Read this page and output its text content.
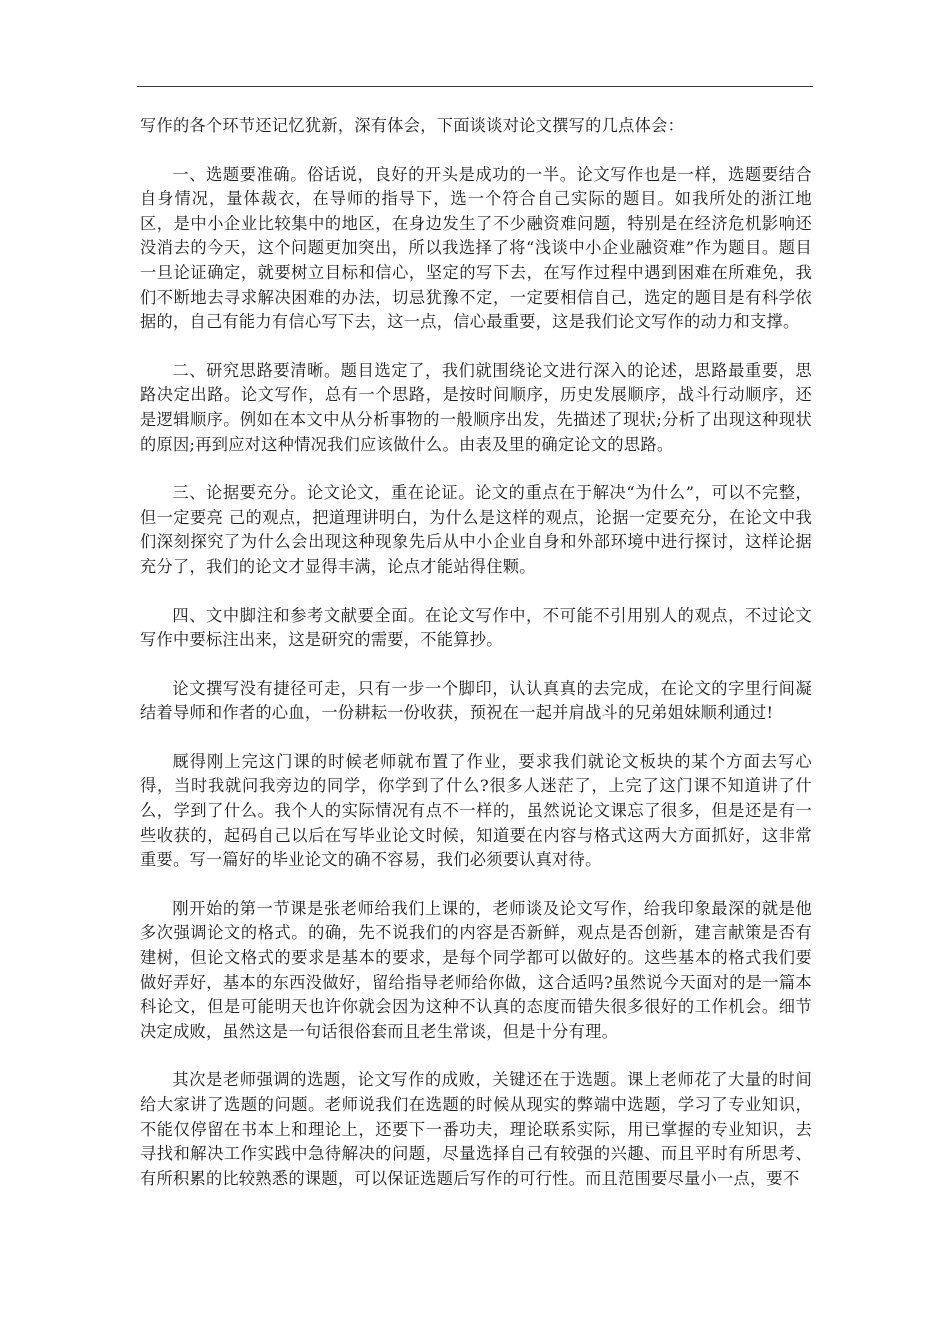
写作的各个环节还记忆犹新，深有体会，下面谈谈对论文撰写的几点体会：

一、选题要准确。俗话说，良好的开头是成功的一半。论文写作也是一样，选题要结合自身情况，量体裁衣，在导师的指导下，选一个符合自己实际的题目。如我所处的浙江地区，是中小企业比较集中的地区，在身边发生了不少融资难问题，特别是在经济危机影响还没消去的今天，这个问题更加突出，所以我选择了将“浅谈中小企业融资难”作为题目。题目一旦论证确定，就要树立目标和信心，坚定的写下去，在写作过程中遇到困难在所难免，我们不断地去寻求解决困难的办法，切忌犹豫不定，一定要相信自己，选定的题目是有科学依据的，自己有能力有信心写下去，这一点，信心最重要，这是我们论文写作的动力和支撑。

二、研究思路要清晰。题目选定了，我们就围绕论文进行深入的论述，思路最重要，思路决定出路。论文写作，总有一个思路，是按时间顺序，历史发展顺序，战斗行动顺序，还是逻辑顺序。例如在本文中从分析事物的一般顺序出发，先描述了现状;分析了出现这种现状的原因;再到应对这种情况我们应该做什么。由表及里的确定论文的思路。

三、论据要充分。论文论文，重在论证。论文的重点在于解决“为什么”，可以不完整，但一定要亮 己的观点，把道理讲明白，为什么是这样的观点，论据一定要充分，在论文中我们深刻探究了为什么会出现这种现象先后从中小企业自身和外部环境中进行探讨，这样论据充分了，我们的论文才显得丰满，论点才能站得住颗。

四、文中脚注和参考文献要全面。在论文写作中，不可能不引用别人的观点，不过论文写作中要标注出来，这是研究的需要，不能算抄。

论文撰写没有捷径可走，只有一步一个脚印，认认真真的去完成，在论文的字里行间凝结着导师和作者的心血，一份耕耘一份收获，预祝在一起并肩战斗的兄弟姐妹顺利通过!

厩得刚上完这门课的时候老师就布置了作业，要求我们就论文板块的某个方面去写心得，当时我就问我旁边的同学，你学到了什么?很多人迷茫了，上完了这门课不知道讲了什么，学到了什么。我个人的实际情况有点不一样的，虽然说论文课忘了很多，但是还是有一些收获的，起码自己以后在写毕业论文时候，知道要在内容与格式这两大方面抓好，这非常重要。写一篇好的毕业论文的确不容易，我们必须要认真对待。

刚开始的第一节课是张老师给我们上课的，老师谈及论文写作，给我印象最深的就是他多次强调论文的格式。的确，先不说我们的内容是否新鲜，观点是否创新，建言献策是否有建树，但论文格式的要求是基本的要求，是每个同学都可以做好的。这些基本的格式我们要做好弄好，基本的东西没做好，留给指导老师给你做，这合适吗?虽然说今天面对的是一篇本科论文，但是可能明天也许你就会因为这种不认真的态度而错失很多很好的工作机会。细节决定成败，虽然这是一句话很俗套而且老生常谈，但是十分有理。

其次是老师强调的选题，论文写作的成败，关键还在于选题。课上老师花了大量的时间给大家讲了选题的问题。老师说我们在选题的时候从现实的弊端中选题，学习了专业知识，不能仅停留在书本上和理论上，还要下一番功夫，理论联系实际，用已掌握的专业知识，去寻找和解决工作实践中急待解决的问题，尽量选择自己有较强的兴趣、而且平时有所思考、有所积累的比较熟悉的课题，可以保证选题后写作的可行性。而且范围要尽量小一点，要不
